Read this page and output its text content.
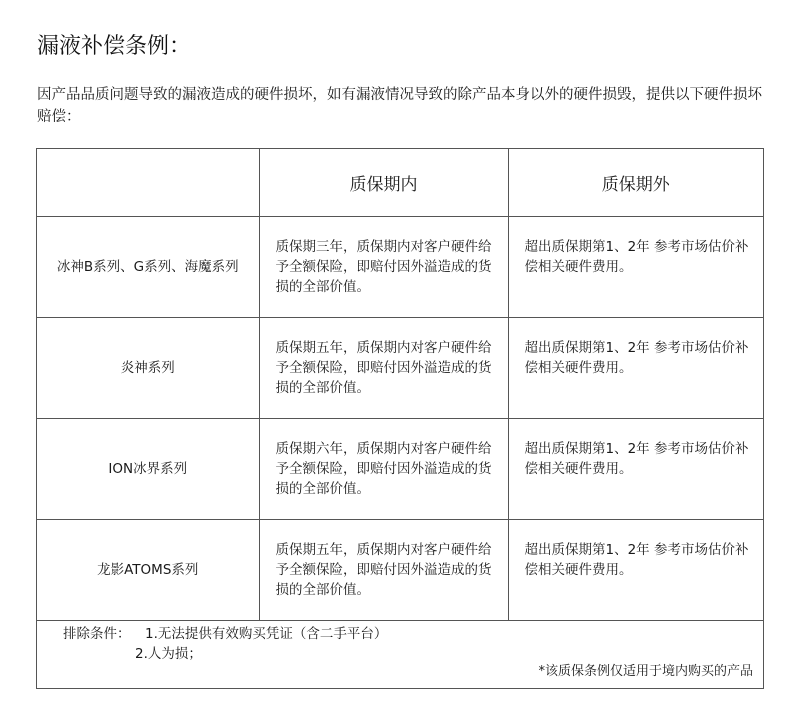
漏液补偿条例：

因产品品质问题导致的漏液造成的硬件损坏，如有漏液情况导致的除产品本身以外的硬件损毁，提供以下硬件损坏赔偿：

	质保期内	质保期外
冰神B系列、G系列、海魔系列	质保期三年，质保期内对客户硬件给予全额保险，即赔付因外溢造成的货损的全部价值。	超出质保期第1、2年 参考市场估价补偿相关硬件费用。

炎神系列	质保期五年，质保期内对客户硬件给予全额保险，即赔付因外溢造成的货损的全部价值。	超出质保期第1、2年 参考市场估价补偿相关硬件费用。

ION冰界系列	质保期六年，质保期内对客户硬件给予全额保险，即赔付因外溢造成的货损的全部价值。	超出质保期第1、2年 参考市场估价补偿相关硬件费用。

龙影ATOMS系列	质保期五年，质保期内对客户硬件给予全额保险，即赔付因外溢造成的货损的全部价值。	超出质保期第1、2年 参考市场估价补偿相关硬件费用。
排除条件： 1.无法提供有效购买凭证（含二手平台）
2.人为损；
*该质保条例仅适用于境内购买的产品
